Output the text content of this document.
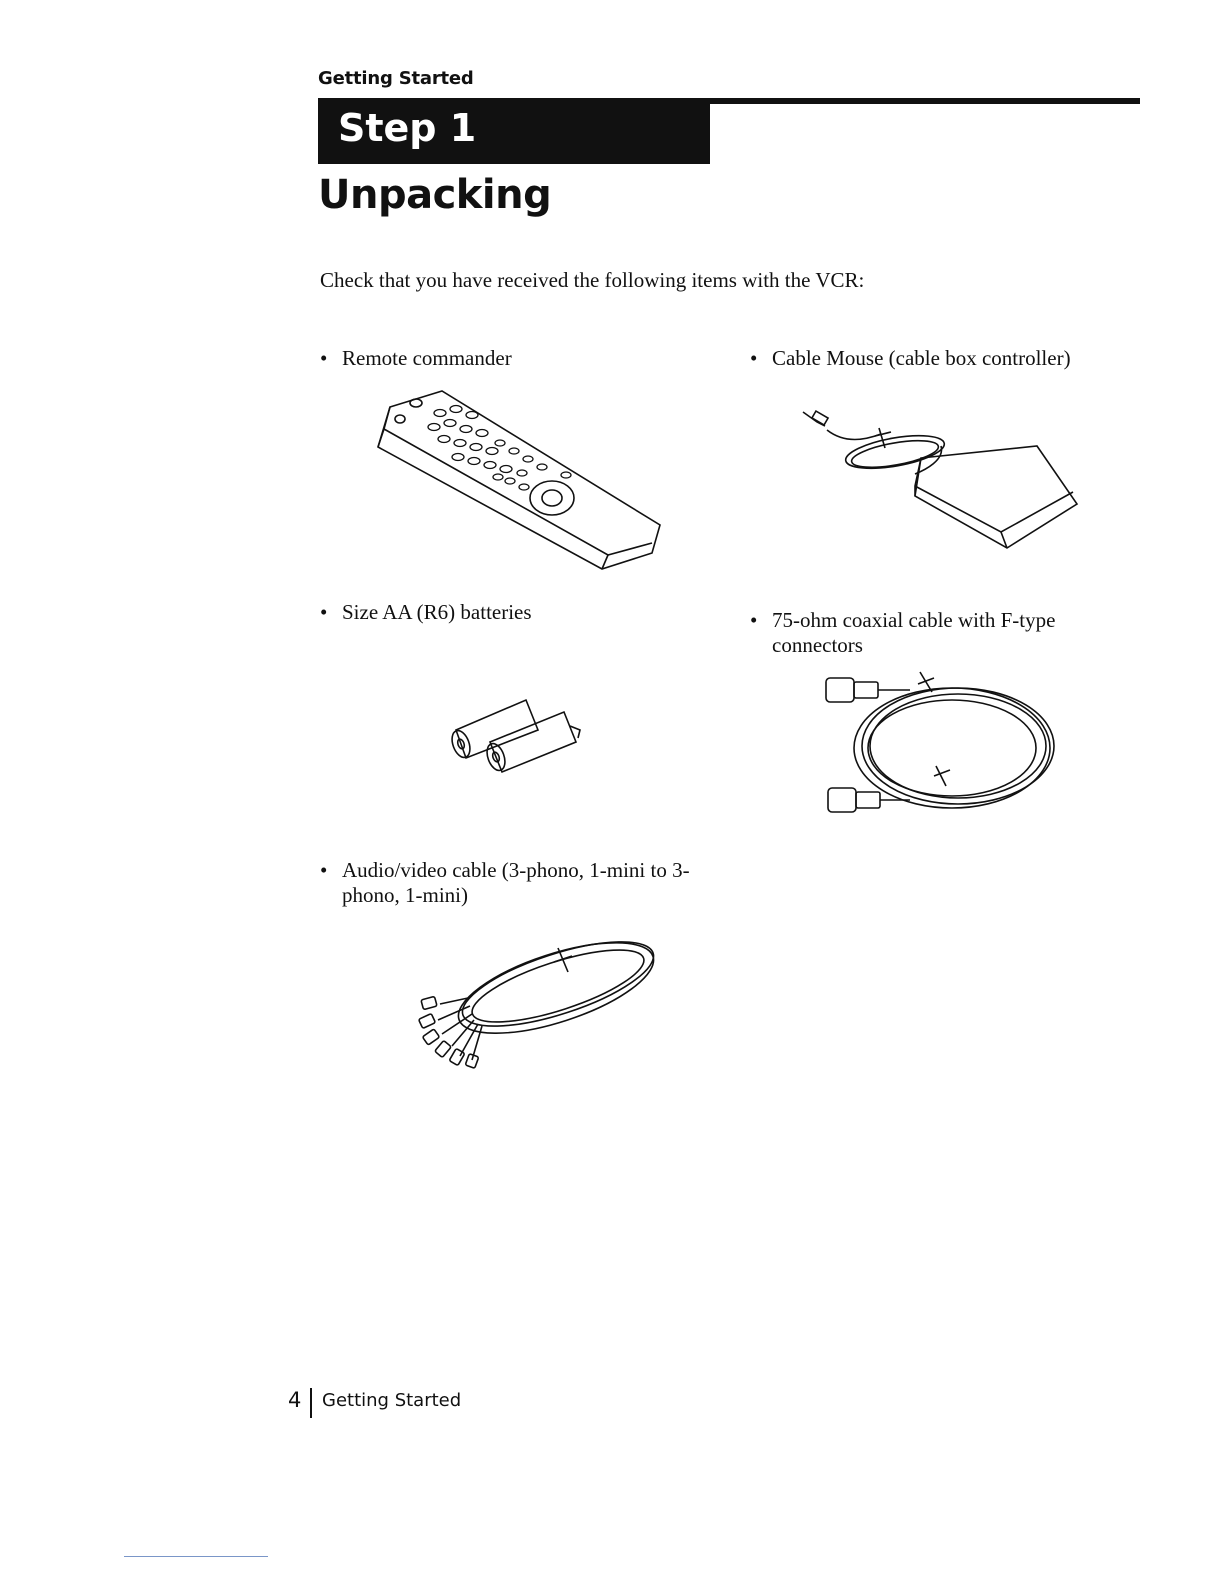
Getting Started
Step 1
Unpacking
Check that you have received the following items with the VCR:
• Remote commander	• Cable Mouse (cable box controller)
• Size AA (R6) batteries	• 75-ohm coaxial cable with F-type connectors
• Audio/video cable (3-phono, 1-mini to 3-phono, 1-mini)
4 Getting Started
